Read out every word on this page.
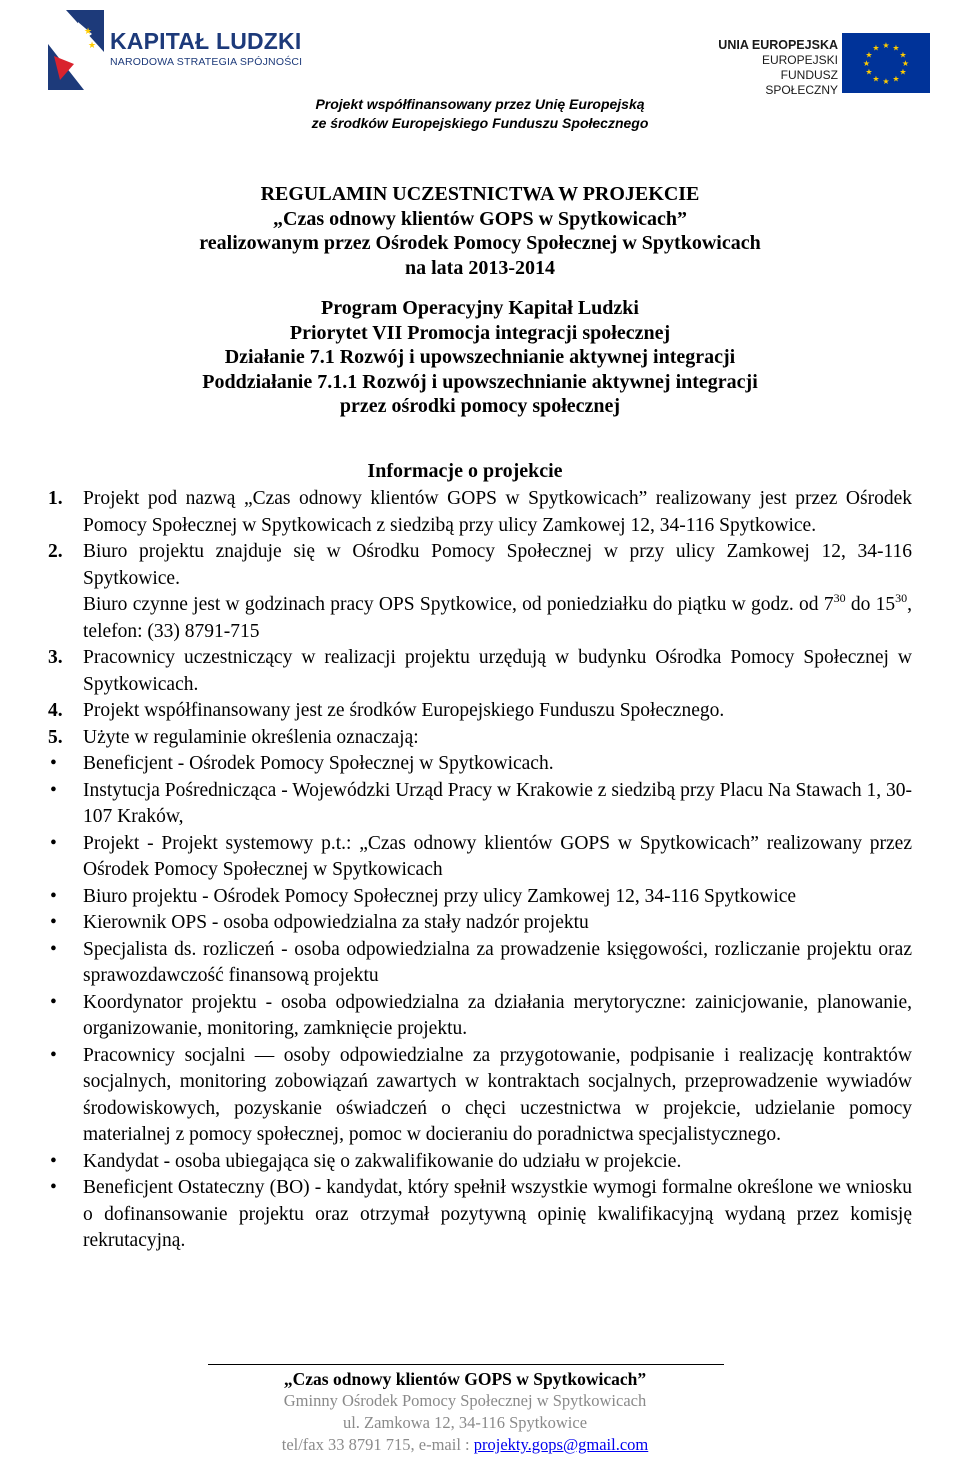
★
★ KAPITAŁ LUDZKI
NARODOWA STRATEGIA SPÓJNOŚCI
UNIA EUROPEJSKA
EUROPEJSKI
FUNDUSZ SPOŁECZNY
★ ★
★
★
★
★
★
★
★
★
★
★
Projekt współfinansowany przez Unię Europejską
ze środków Europejskiego Funduszu Społecznego
REGULAMIN UCZESTNICTWA W PROJEKCIE
„Czas odnowy klientów GOPS w Spytkowicach”
realizowanym przez Ośrodek Pomocy Społecznej w Spytkowicach
na lata 2013-2014
Program Operacyjny Kapitał Ludzki
Priorytet VII Promocja integracji społecznej
Działanie 7.1 Rozwój i upowszechnianie aktywnej integracji
Poddziałanie 7.1.1 Rozwój i upowszechnianie aktywnej integracji
przez ośrodki pomocy społecznej
Informacje o projekcie
1. Projekt pod nazwą „Czas odnowy klientów GOPS w Spytkowicach” realizowany jest przez Ośrodek Pomocy Społecznej w Spytkowicach z siedzibą przy ulicy Zamkowej 12, 34-116 Spytkowice.
2. Biuro projektu znajduje się w Ośrodku Pomocy Społecznej w przy ulicy Zamkowej 12, 34-116 Spytkowice.
Biuro czynne jest w godzinach pracy OPS Spytkowice, od poniedziałku do piątku w godz. od $7^{30}$ do $15^{30}$, telefon: (33) 8791-715
3. Pracownicy uczestniczący w realizacji projektu urzędują w budynku Ośrodka Pomocy Społecznej w Spytkowicach.
4. Projekt współfinansowany jest ze środków Europejskiego Funduszu Społecznego.
5. Użyte w regulaminie określenia oznaczają:
• Beneficjent - Ośrodek Pomocy Społecznej w Spytkowicach.
• Instytucja Pośrednicząca - Wojewódzki Urząd Pracy w Krakowie z siedzibą przy Placu Na Stawach 1, 30-107 Kraków,
• Projekt - Projekt systemowy p.t.: „Czas odnowy klientów GOPS w Spytkowicach” realizowany przez Ośrodek Pomocy Społecznej w Spytkowicach
• Biuro projektu - Ośrodek Pomocy Społecznej przy ulicy Zamkowej 12, 34-116 Spytkowice
• Kierownik OPS - osoba odpowiedzialna za stały nadzór projektu
• Specjalista ds. rozliczeń - osoba odpowiedzialna za prowadzenie księgowości, rozliczanie projektu oraz sprawozdawczość finansową projektu
• Koordynator projektu - osoba odpowiedzialna za działania merytoryczne: zainicjowanie, planowanie, organizowanie, monitoring, zamknięcie projektu.
• Pracownicy socjalni — osoby odpowiedzialne za przygotowanie, podpisanie i realizację kontraktów socjalnych, monitoring zobowiązań zawartych w kontraktach socjalnych, przeprowadzenie wywiadów środowiskowych, pozyskanie oświadczeń o chęci uczestnictwa w projekcie, udzielanie pomocy materialnej z pomocy społecznej, pomoc w docieraniu do poradnictwa specjalistycznego.
• Kandydat - osoba ubiegająca się o zakwalifikowanie do udziału w projekcie.
• Beneficjent Ostateczny (BO) - kandydat, który spełnił wszystkie wymogi formalne określone we wniosku o dofinansowanie projektu oraz otrzymał pozytywną opinię kwalifikacyjną wydaną przez komisję rekrutacyjną.
„Czas odnowy klientów GOPS w Spytkowicach”
Gminny Ośrodek Pomocy Społecznej w Spytkowicach
ul. Zamkowa 12, 34-116 Spytkowice
tel/fax 33 8791 715, e-mail : projekty.gops@gmail.com
